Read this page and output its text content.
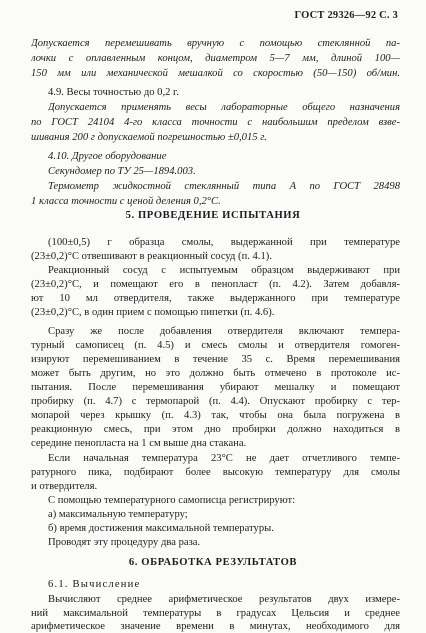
ГОСТ 29326—92 С. 3
Допускается перемешивать вручную с помощью стеклянной па-
лочки с оплавленным концом, диаметром 5—7 мм, длиной 100—
150 мм или механической мешалкой со скоростью (50—150) об/мин.
4.9. Весы точностью до 0,2 г.
Допускается применять весы лабораторные общего назначения
по ГОСТ 24104 4-го класса точности с наибольшим пределом взве-
шивания 200 г допускаемой погрешностью ±0,015 г.
4.10. Другое оборудование
Секундомер по ТУ 25—1894.003.
Термометр жидкостной стеклянный типа А по ГОСТ 28498
1 класса точности с ценой деления 0,2°С.
5. ПРОВЕДЕНИЕ ИСПЫТАНИЯ
(100±0,5) г образца смолы, выдержанной при температуре
(23±0,2)°С отвешивают в реакционный сосуд (п. 4.1).
Реакционный сосуд с испытуемым образцом выдерживают при
(23±0,2)°С, и помещают его в пенопласт (п. 4.2). Затем добавля-
ют 10 мл отвердителя, также выдержанного при температуре
(23±0,2)°С, в один прием с помощью пипетки (п. 4.6).
Сразу же после добавления отвердителя включают темпера-
турный самописец (п. 4.5) и смесь смолы и отвердителя гомоген-
изируют перемешиванием в течение 35 с. Время перемешивания
может быть другим, но это должно быть отмечено в протоколе ис-
пытания. После перемешивания убирают мешалку и помещают
пробирку (п. 4.7) с термопарой (п. 4.4). Опускают пробирку с тер-
мопарой через крышку (п. 4.3) так, чтобы она была погружена в
реакционную смесь, при этом дно пробирки должно находиться в
середине пенопласта на 1 см выше дна стакана.
Если начальная температура 23°С не дает отчетливого темпе-
ратурного пика, подбирают более высокую температуру для смолы
и отвердителя.
С помощью температурного самописца регистрируют:
а) максимальную температуру;
б) время достижения максимальной температуры.
Проводят эту процедуру два раза.
6. ОБРАБОТКА РЕЗУЛЬТАТОВ
6.1. Вычисление
Вычисляют среднее арифметическое результатов двух измере-
ний максимальной температуры в градусах Цельсия и среднее
арифметическое значение времени в минутах, необходимого для
